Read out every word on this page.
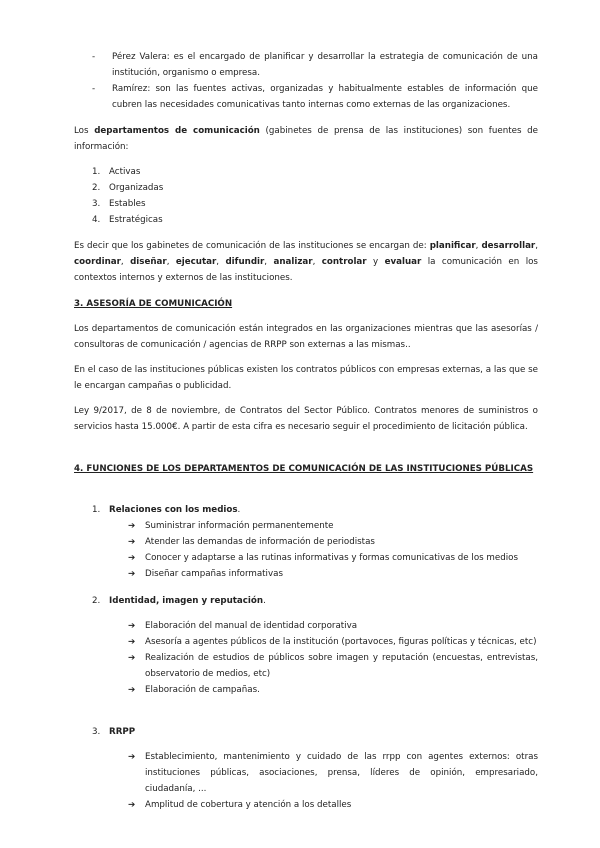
- Pérez Valera: es el encargado de planificar y desarrollar la estrategia de comunicación de una institución, organismo o empresa.
- Ramírez: son las fuentes activas, organizadas y habitualmente estables de información que cubren las necesidades comunicativas tanto internas como externas de las organizaciones.

Los departamentos de comunicación (gabinetes de prensa de las instituciones) son fuentes de información:

1. Activas
2. Organizadas
3. Estables
4. Estratégicas

Es decir que los gabinetes de comunicación de las instituciones se encargan de: planificar, desarrollar, coordinar, diseñar, ejecutar, difundir, analizar, controlar y evaluar la comunicación en los contextos internos y externos de las instituciones.

3. ASESORÍA DE COMUNICACIÓN

Los departamentos de comunicación están integrados en las organizaciones mientras que las asesorías / consultoras de comunicación / agencias de RRPP son externas a las mismas..

En el caso de las instituciones públicas existen los contratos públicos con empresas externas, a las que se le encargan campañas o publicidad.

Ley 9/2017, de 8 de noviembre, de Contratos del Sector Público. Contratos menores de suministros o servicios hasta 15.000€. A partir de esta cifra es necesario seguir el procedimiento de licitación pública.

4. FUNCIONES DE LOS DEPARTAMENTOS DE COMUNICACIÓN DE LAS INSTITUCIONES PÚBLICAS

1. Relaciones con los medios.
➔ Suministrar información permanentemente
➔ Atender las demandas de información de periodistas
➔ Conocer y adaptarse a las rutinas informativas y formas comunicativas de los medios
➔ Diseñar campañas informativas
2. Identidad, imagen y reputación.
➔ Elaboración del manual de identidad corporativa
➔ Asesoría a agentes públicos de la institución (portavoces, figuras políticas y técnicas, etc)
➔ Realización de estudios de públicos sobre imagen y reputación (encuestas, entrevistas, observatorio de medios, etc)
➔ Elaboración de campañas.
3. RRPP
➔ Establecimiento, mantenimiento y cuidado de las rrpp con agentes externos: otras instituciones públicas, asociaciones, prensa, líderes de opinión, empresariado, ciudadanía, ...
➔ Amplitud de cobertura y atención a los detalles
